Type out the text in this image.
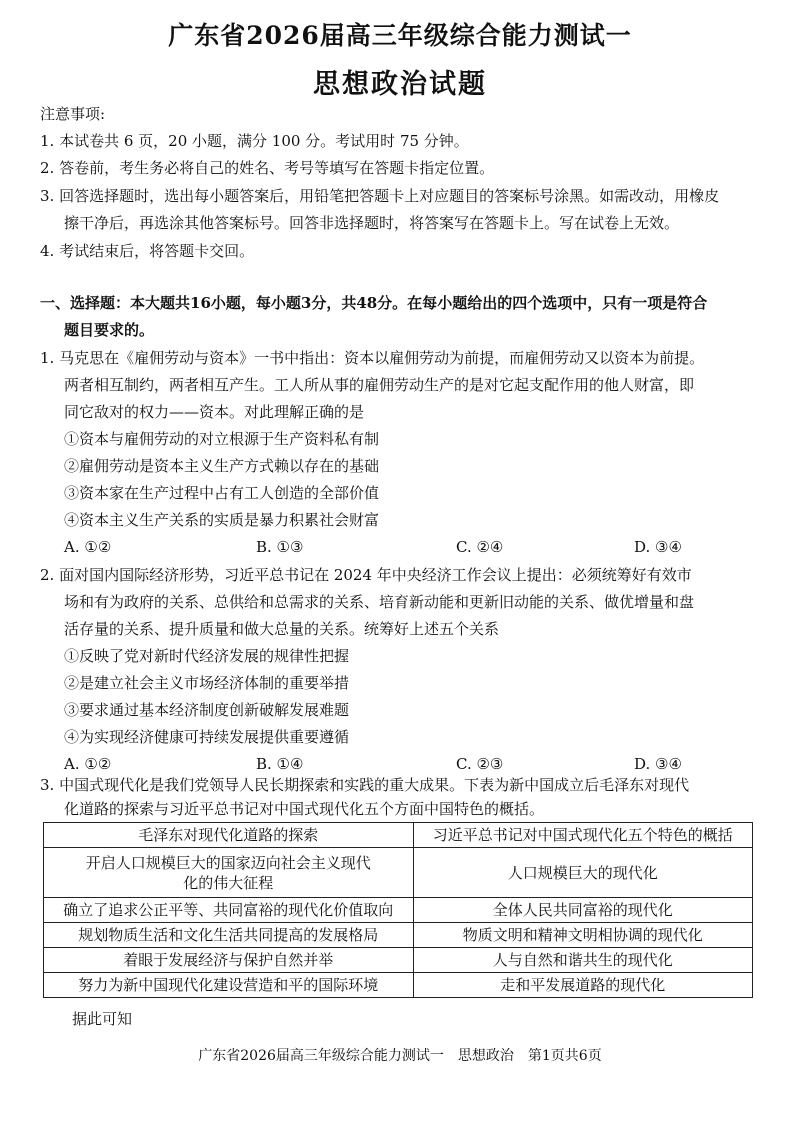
广东省2026届高三年级综合能力测试一
思想政治试题
注意事项:
1. 本试卷共 6 页，20 小题，满分 100 分。考试用时 75 分钟。
2. 答卷前，考生务必将自己的姓名、考号等填写在答题卡指定位置。
3. 回答选择题时，选出每小题答案后，用铅笔把答题卡上对应题目的答案标号涂黑。如需改动，用橡皮
擦干净后，再选涂其他答案标号。回答非选择题时，将答案写在答题卡上。写在试卷上无效。
4. 考试结束后，将答题卡交回。
一、选择题：本大题共16小题，每小题3分，共48分。在每小题给出的四个选项中，只有一项是符合
题目要求的。
1. 马克思在《雇佣劳动与资本》一书中指出：资本以雇佣劳动为前提，而雇佣劳动又以资本为前提。
两者相互制约，两者相互产生。工人所从事的雇佣劳动生产的是对它起支配作用的他人财富，即
同它敌对的权力——资本。对此理解正确的是
①资本与雇佣劳动的对立根源于生产资料私有制
②雇佣劳动是资本主义生产方式赖以存在的基础
③资本家在生产过程中占有工人创造的全部价值
④资本主义生产关系的实质是暴力积累社会财富
A. ①②	B. ①③	C. ②④	D. ③④
2. 面对国内国际经济形势，习近平总书记在 2024 年中央经济工作会议上提出：必须统筹好有效市
场和有为政府的关系、总供给和总需求的关系、培育新动能和更新旧动能的关系、做优增量和盘
活存量的关系、提升质量和做大总量的关系。统筹好上述五个关系
①反映了党对新时代经济发展的规律性把握
②是建立社会主义市场经济体制的重要举措
③要求通过基本经济制度创新破解发展难题
④为实现经济健康可持续发展提供重要遵循
A. ①②	B. ①④	C. ②③	D. ③④
3. 中国式现代化是我们党领导人民长期探索和实践的重大成果。下表为新中国成立后毛泽东对现代
化道路的探索与习近平总书记对中国式现代化五个方面中国特色的概括。
毛泽东对现代化道路的探索	习近平总书记对中国式现代化五个特色的概括
开启人口规模巨大的国家迈向社会主义现代化的伟大征程	人口规模巨大的现代化
确立了追求公正平等、共同富裕的现代化价值取向	全体人民共同富裕的现代化
规划物质生活和文化生活共同提高的发展格局	物质文明和精神文明相协调的现代化
着眼于发展经济与保护自然并举	人与自然和谐共生的现代化
努力为新中国现代化建设营造和平的国际环境	走和平发展道路的现代化
据此可知
广东省2026届高三年级综合能力测试一　思想政治　第1页共6页
